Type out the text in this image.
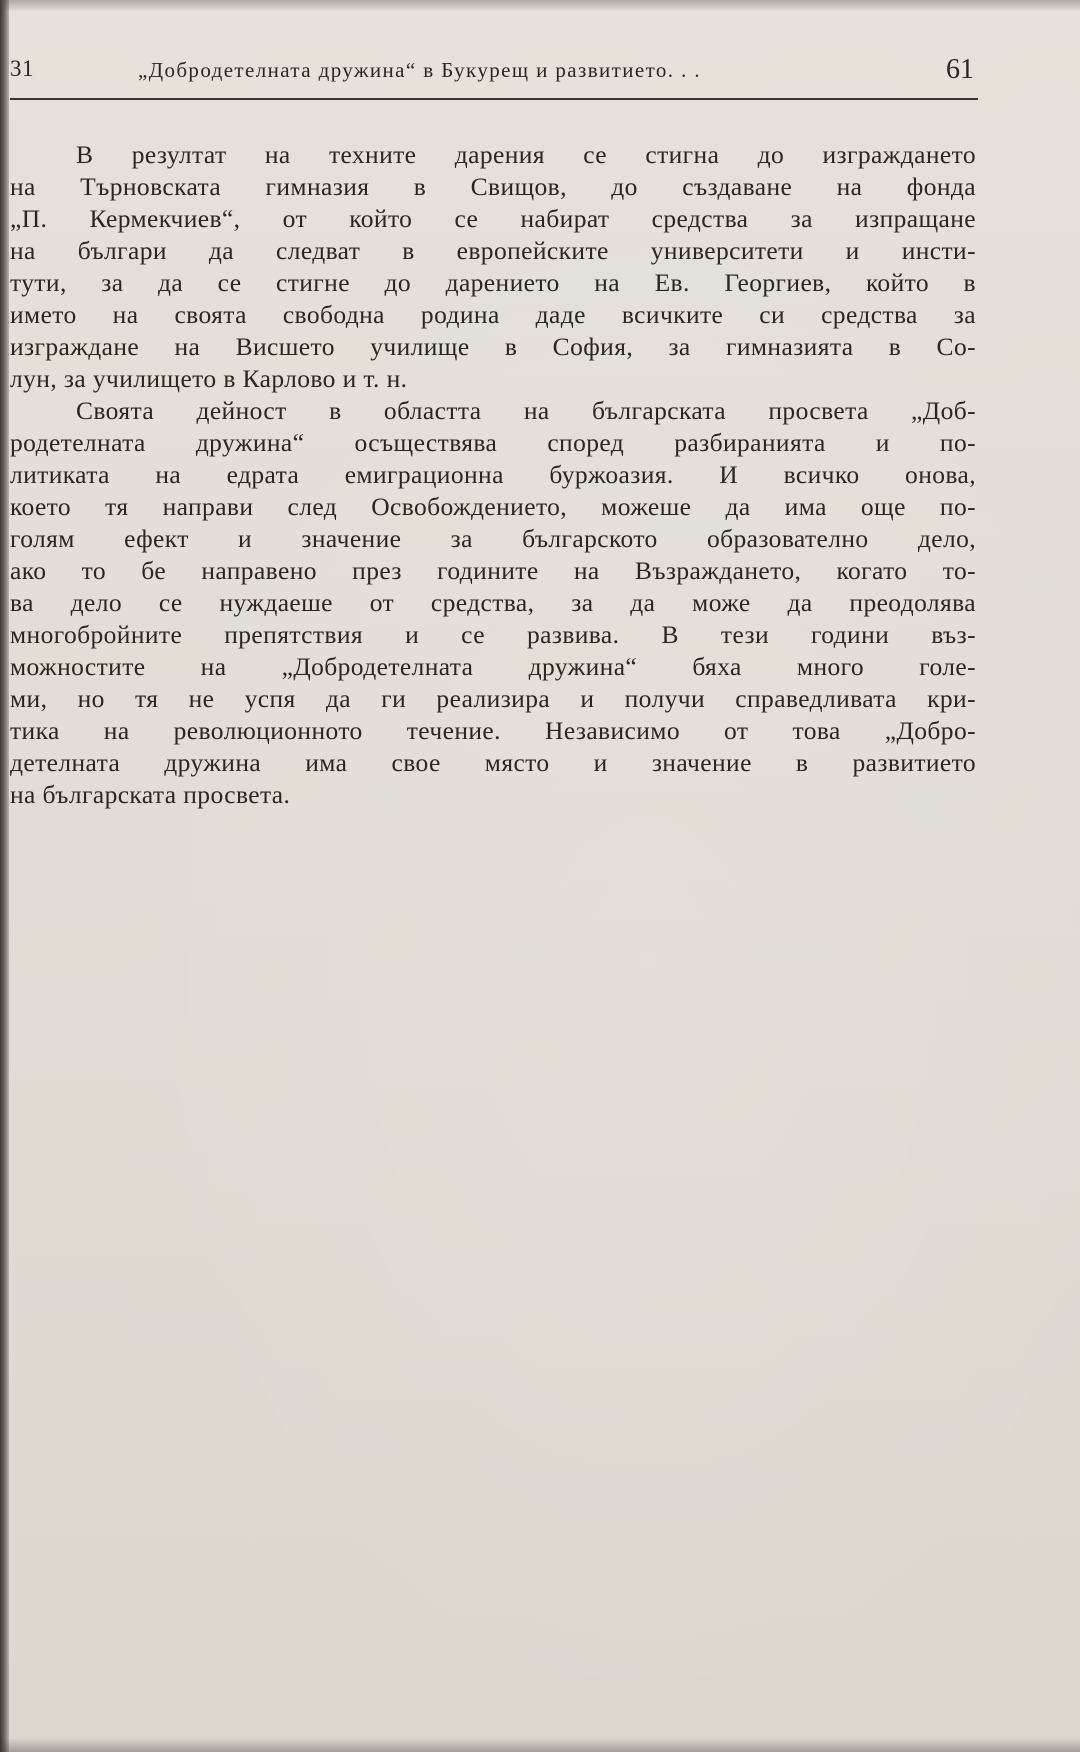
31	„Добродетелната дружина“ в Букурещ и развитието. . .	61
В резултат на техните дарения се стигна до изграждането
на Търновската гимназия в Свищов, до създаване на фонда
„П. Кермекчиев“, от който се набират средства за изпращане
на българи да следват в европейските университети и инсти-
тути, за да се стигне до дарението на Ев. Георгиев, който в
името на своята свободна родина даде всичките си средства за
изграждане на Висшето училище в София, за гимназията в Со-
лун, за училището в Карлово и т. н.
Своята дейност в областта на българската просвета „Доб-
родетелната дружина“ осъществява според разбиранията и по-
литиката на едрата емиграционна буржоазия. И всичко онова,
което тя направи след Освобождението, можеше да има още по-
голям ефект и значение за българското образователно дело,
ако то бе направено през годините на Възраждането, когато то-
ва дело се нуждаеше от средства, за да може да преодолява
многобройните препятствия и се развива. В тези години въз-
можностите на „Добродетелната дружина“ бяха много голе-
ми, но тя не успя да ги реализира и получи справедливата кри-
тика на революционното течение. Независимо от това „Добро-
детелната дружина има свое място и значение в развитието
на българската просвета.
